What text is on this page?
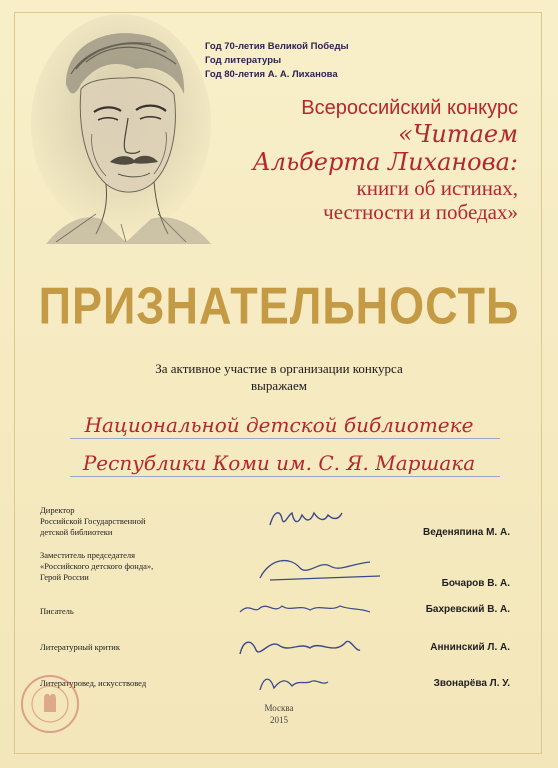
Год 70-летия Великой Победы
Год литературы
Год 80-летия А. А. Лиханова
Всероссийский конкурс
«Читаем
Альберта Лиханова:
книги об истинах,
честности и победах»
ПРИЗНАТЕЛЬНОСТЬ
За активное участие в организации конкурса
выражаем
Национальной детской библиотеке
Республики Коми им. С. Я. Маршака
Директор
Российской Государственной
детской библиотеки	Веденяпина М. А.
Заместитель председателя
«Российского детского фонда»,
Герой России
Бочаров В. А.
Писатель	Бахревский В. А.
Литературный критик	Аннинский Л. А.
Литературовед, искусствовед	Звонарёва Л. У.
Москва
2015
